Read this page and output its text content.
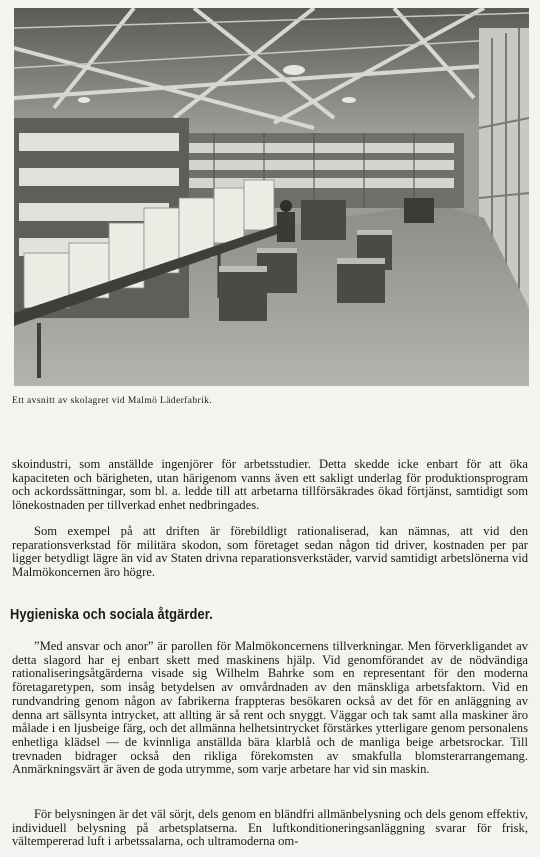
Ett avsnitt av skolagret vid Malmö Läderfabrik.

skoindustri, som anställde ingenjörer för arbetsstudier. Detta skedde icke enbart för att öka kapaciteten och bärigheten, utan härigenom vanns även ett sakligt underlag för produktionsprogram och ackordssättningar, som bl. a. ledde till att arbetarna tillförsäkrades ökad förtjänst, samtidigt som lönekostnaden per tillverkad enhet nedbringades.

Som exempel på att driften är förebildligt rationaliserad, kan nämnas, att vid den reparationsverkstad för militära skodon, som företaget sedan någon tid driver, kostnaden per par ligger betydligt lägre än vid av Staten drivna reparationsverkstäder, varvid samtidigt arbetslönerna vid Malmökoncernen äro högre.

Hygieniska och sociala åtgärder.

”Med ansvar och anor” är parollen för Malmökoncernens tillverkningar. Men förverkligandet av detta slagord har ej enbart skett med maskinens hjälp. Vid genomförandet av de nödvändiga rationaliseringsåtgärderna visade sig Wilhelm Bahrke som en representant för den moderna företagaretypen, som insåg betydelsen av omvårdnaden av den mänskliga arbetsfaktorn. Vid en rundvandring genom någon av fabrikerna frappteras besökaren också av det för en anläggning av denna art sällsynta intrycket, att allting är så rent och snyggt. Väggar och tak samt alla maskiner äro målade i en ljusbeige färg, och det allmänna helhetsintrycket förstärkes ytterligare genom personalens enhetliga klädsel — de kvinnliga anställda bära klarblå och de manliga beige arbetsrockar. Till trevnaden bidrager också den rikliga förekomsten av smakfulla blomsterarrangemang. Anmärkningsvärt är även de goda utrymme, som varje arbetare har vid sin maskin.

För belysningen är det väl sörjt, dels genom en bländfri allmänbelysning och dels genom effektiv, individuell belysning på arbetsplatserna. En luftkonditioneringsanläggning svarar för frisk, vältempererad luft i arbetssalarna, och ultramoderna om-
